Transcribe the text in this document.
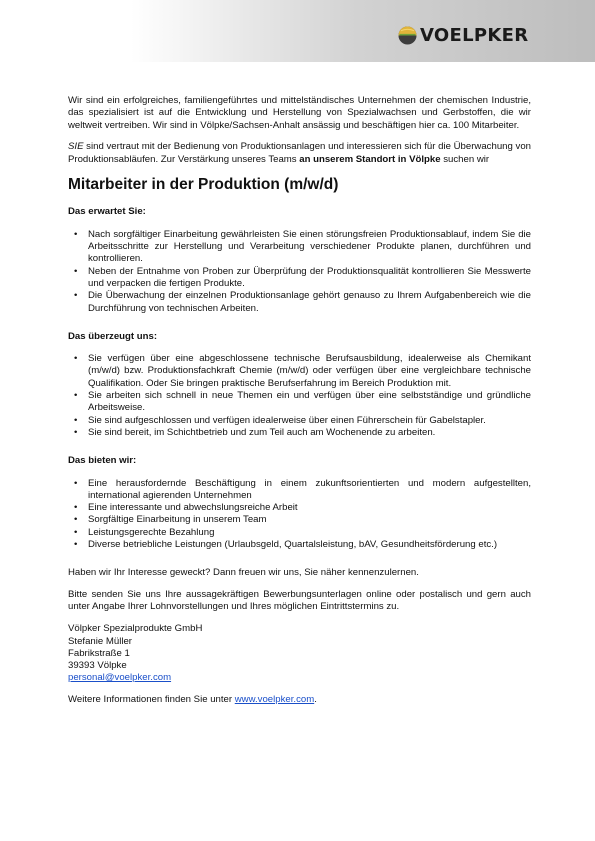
VOELPKER

Wir sind ein erfolgreiches, familiengeführtes und mittelständisches Unternehmen der chemischen Industrie, das spezialisiert ist auf die Entwicklung und Herstellung von Spezialwachsen und Gerbstoffen, die wir weltweit vertreiben. Wir sind in Völpke/Sachsen-Anhalt ansässig und beschäftigen hier ca. 100 Mitarbeiter.

SIE sind vertraut mit der Bedienung von Produktionsanlagen und interessieren sich für die Überwachung von Produktionsabläufen. Zur Verstärkung unseres Teams an unserem Standort in Völpke suchen wir

Mitarbeiter in der Produktion (m/w/d)
Das erwartet Sie:
• Nach sorgfältiger Einarbeitung gewährleisten Sie einen störungsfreien Produktionsablauf, indem Sie die Arbeitsschritte zur Herstellung und Verarbeitung verschiedener Produkte planen, durchführen und kontrollieren.
• Neben der Entnahme von Proben zur Überprüfung der Produktionsqualität kontrollieren Sie Messwerte und verpacken die fertigen Produkte.
• Die Überwachung der einzelnen Produktionsanlage gehört genauso zu Ihrem Aufgabenbereich wie die Durchführung von technischen Arbeiten.
Das überzeugt uns:
• Sie verfügen über eine abgeschlossene technische Berufsausbildung, idealerweise als Chemikant (m/w/d) bzw. Produktionsfachkraft Chemie (m/w/d) oder verfügen über eine vergleichbare technische Qualifikation. Oder Sie bringen praktische Berufserfahrung im Bereich Produktion mit.
• Sie arbeiten sich schnell in neue Themen ein und verfügen über eine selbstständige und gründliche Arbeitsweise.
• Sie sind aufgeschlossen und verfügen idealerweise über einen Führerschein für Gabelstapler.
• Sie sind bereit, im Schichtbetrieb und zum Teil auch am Wochenende zu arbeiten.
Das bieten wir:
• Eine herausfordernde Beschäftigung in einem zukunftsorientierten und modern aufgestellten, international agierenden Unternehmen
• Eine interessante und abwechslungsreiche Arbeit
• Sorgfältige Einarbeitung in unserem Team
• Leistungsgerechte Bezahlung
• Diverse betriebliche Leistungen (Urlaubsgeld, Quartalsleistung, bAV, Gesundheitsförderung etc.)

Haben wir Ihr Interesse geweckt? Dann freuen wir uns, Sie näher kennenzulernen.

Bitte senden Sie uns Ihre aussagekräftigen Bewerbungsunterlagen online oder postalisch und gern auch unter Angabe Ihrer Lohnvorstellungen und Ihres möglichen Eintrittstermins zu.

Völpker Spezialprodukte GmbH
Stefanie Müller
Fabrikstraße 1
39393 Völpke
personal@voelpker.com

Weitere Informationen finden Sie unter www.voelpker.com.
